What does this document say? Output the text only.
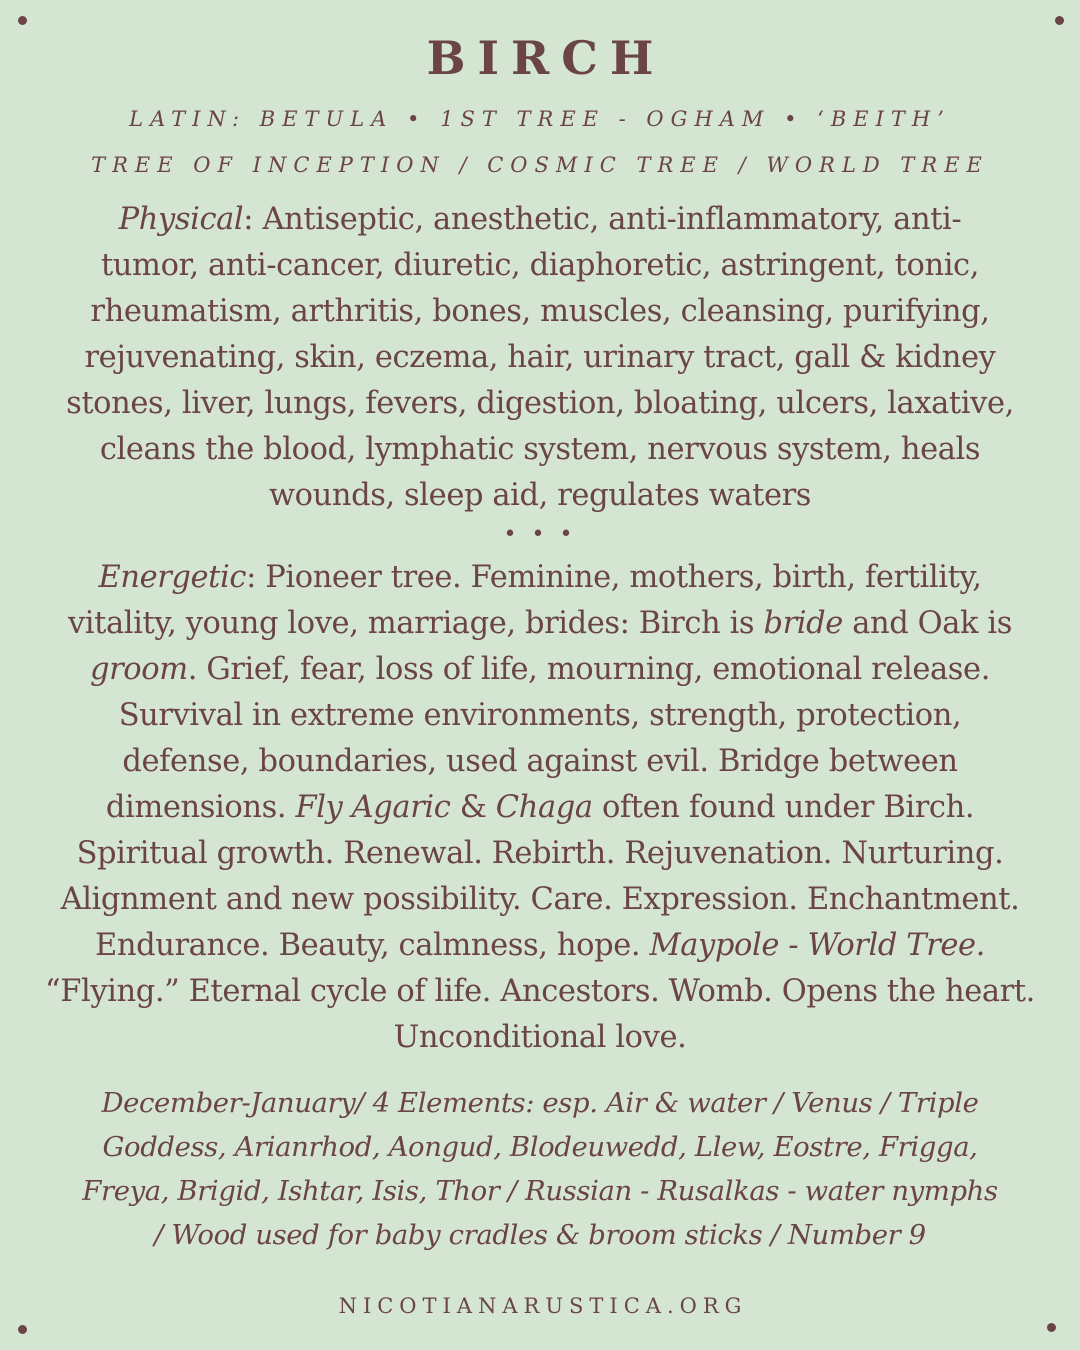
BIRCH
LATIN: BETULA • 1ST TREE - OGHAM • ‘BEITH’
TREE OF INCEPTION / COSMIC TREE / WORLD TREE
Physical: Antiseptic, anesthetic, anti-inflammatory, anti-
tumor, anti-cancer, diuretic, diaphoretic, astringent, tonic,
rheumatism, arthritis, bones, muscles, cleansing, purifying,
rejuvenating, skin, eczema, hair, urinary tract, gall & kidney
stones, liver, lungs, fevers, digestion, bloating, ulcers, laxative,
cleans the blood, lymphatic system, nervous system, heals
wounds, sleep aid, regulates waters
• • •
Energetic: Pioneer tree. Feminine, mothers, birth, fertility,
vitality, young love, marriage, brides: Birch is bride and Oak is
groom. Grief, fear, loss of life, mourning, emotional release.
Survival in extreme environments, strength, protection,
defense, boundaries, used against evil. Bridge between
dimensions. Fly Agaric & Chaga often found under Birch.
Spiritual growth. Renewal. Rebirth. Rejuvenation. Nurturing.
Alignment and new possibility. Care. Expression. Enchantment.
Endurance. Beauty, calmness, hope. Maypole - World Tree.
“Flying.” Eternal cycle of life. Ancestors. Womb. Opens the heart.
Unconditional love.
December-January/ 4 Elements: esp. Air & water / Venus / Triple
Goddess, Arianrhod, Aongud, Blodeuwedd, Llew, Eostre, Frigga,
Freya, Brigid, Ishtar, Isis, Thor / Russian - Rusalkas - water nymphs
/ Wood used for baby cradles & broom sticks / Number 9
NICOTIANARUSTICA.ORG
